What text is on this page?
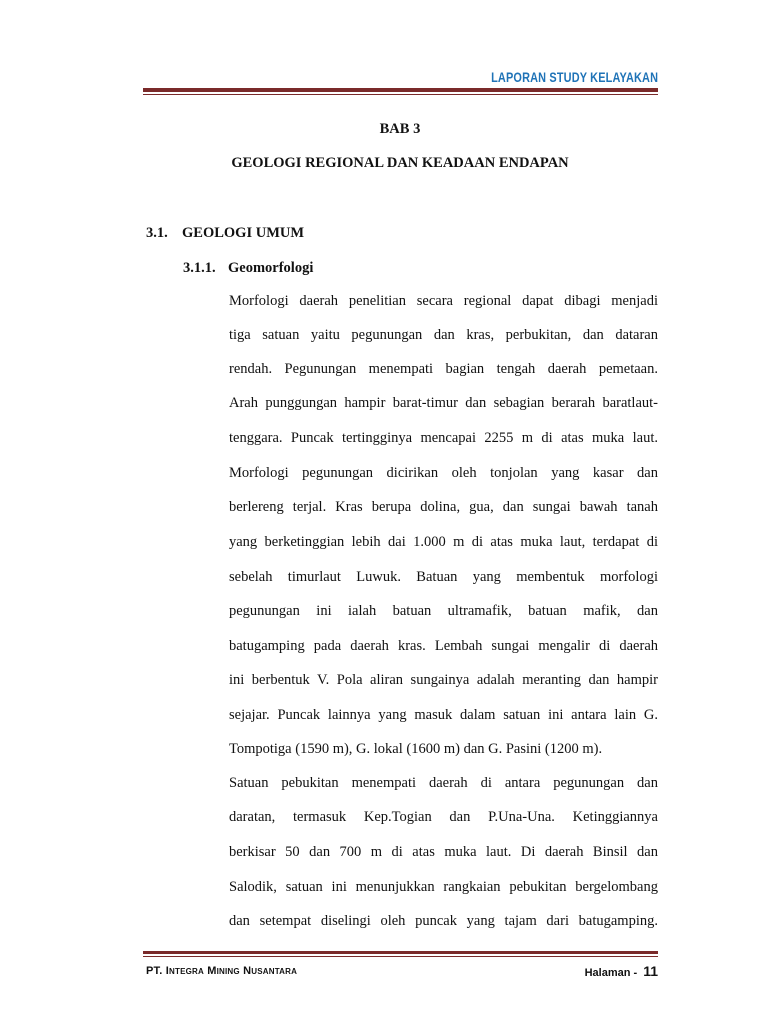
LAPORAN STUDY KELAYAKAN
BAB 3
GEOLOGI REGIONAL DAN KEADAAN ENDAPAN
3.1. GEOLOGI UMUM
3.1.1. Geomorfologi
Morfologi daerah penelitian secara regional dapat dibagi menjadi
tiga satuan yaitu pegunungan dan kras, perbukitan, dan dataran
rendah. Pegunungan menempati bagian tengah daerah pemetaan.
Arah punggungan hampir barat-timur dan sebagian berarah baratlaut-
tenggara. Puncak tertingginya mencapai 2255 m di atas muka laut.
Morfologi pegunungan dicirikan oleh tonjolan yang kasar dan
berlereng terjal. Kras berupa dolina, gua, dan sungai bawah tanah
yang berketinggian lebih dai 1.000 m di atas muka laut, terdapat di
sebelah timurlaut Luwuk. Batuan yang membentuk morfologi
pegunungan ini ialah batuan ultramafik, batuan mafik, dan
batugamping pada daerah kras. Lembah sungai mengalir di daerah
ini berbentuk V. Pola aliran sungainya adalah meranting dan hampir
sejajar. Puncak lainnya yang masuk dalam satuan ini antara lain G.
Tompotiga (1590 m), G. lokal (1600 m) dan G. Pasini (1200 m).
Satuan pebukitan menempati daerah di antara pegunungan dan
daratan, termasuk Kep.Togian dan P.Una-Una. Ketinggiannya
berkisar 50 dan 700 m di atas muka laut. Di daerah Binsil dan
Salodik, satuan ini menunjukkan rangkaian pebukitan bergelombang
dan setempat diselingi oleh puncak yang tajam dari batugamping.
PT. Integra Mining Nusantara	Halaman - 11
